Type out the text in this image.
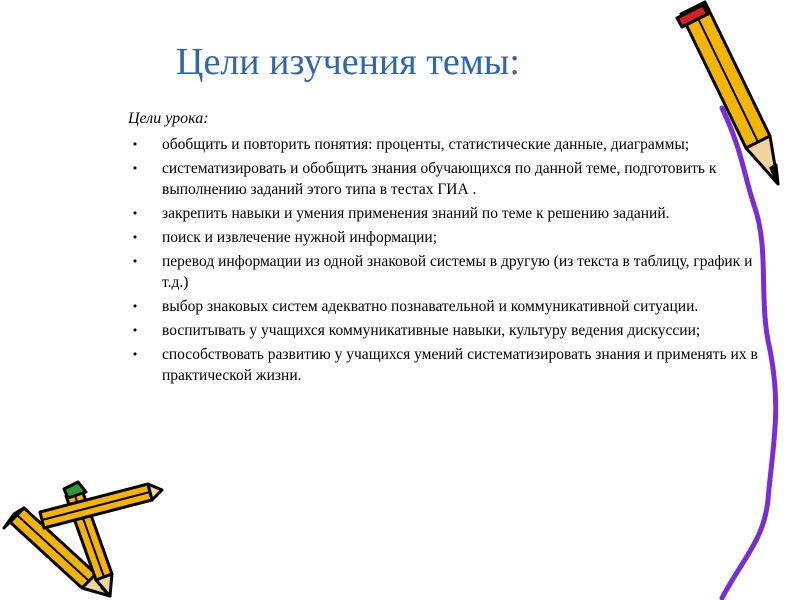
Цели изучения темы:
Цели урока:
• обобщить и повторить понятия: проценты, статистические данные, диаграммы;
• систематизировать и обобщить знания обучающихся по данной теме, подготовить к выполнению заданий этого типа в тестах ГИА .
• закрепить навыки и умения применения знаний по теме к решению заданий.
• поиск и извлечение нужной информации;
• перевод информации из одной знаковой системы в другую (из текста в таблицу, график и т.д.)
• выбор знаковых систем адекватно познавательной и коммуникативной ситуации.
• воспитывать у учащихся коммуникативные навыки, культуру ведения дискуссии;
• способствовать развитию у учащихся умений систематизировать знания и применять их в практической жизни.
